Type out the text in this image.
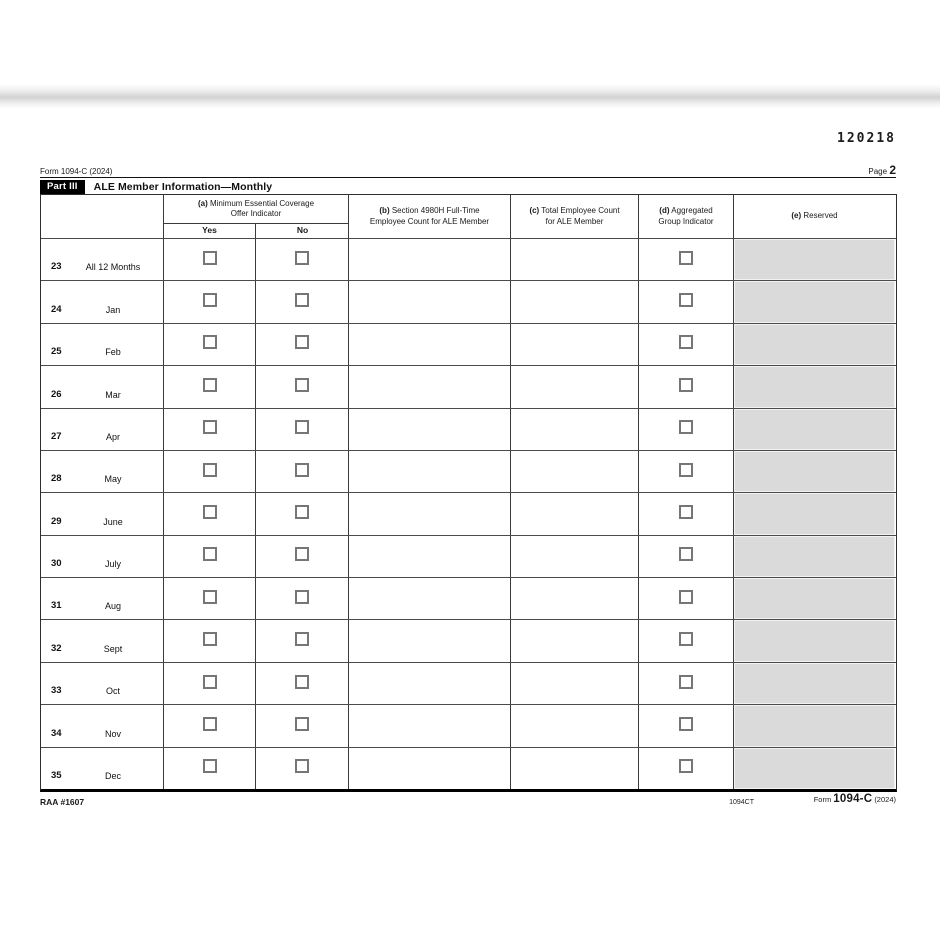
120218
Form 1094-C (2024)	Page 2
Part III	ALE Member Information—Monthly
(a) Minimum Essential Coverage
Offer Indicator
Yes	No
(b) Section 4980H Full-Time
Employee Count for ALE Member
(c) Total Employee Count
for ALE Member
(d) Aggregated
Group Indicator
(e) Reserved
23	All 12 Months
24	Jan
25	Feb
26	Mar
27	Apr
28	May
29	June
30	July
31	Aug
32	Sept
33	Oct
34	Nov
35	Dec
RAA #1607	1094CT	Form 1094-C (2024)
